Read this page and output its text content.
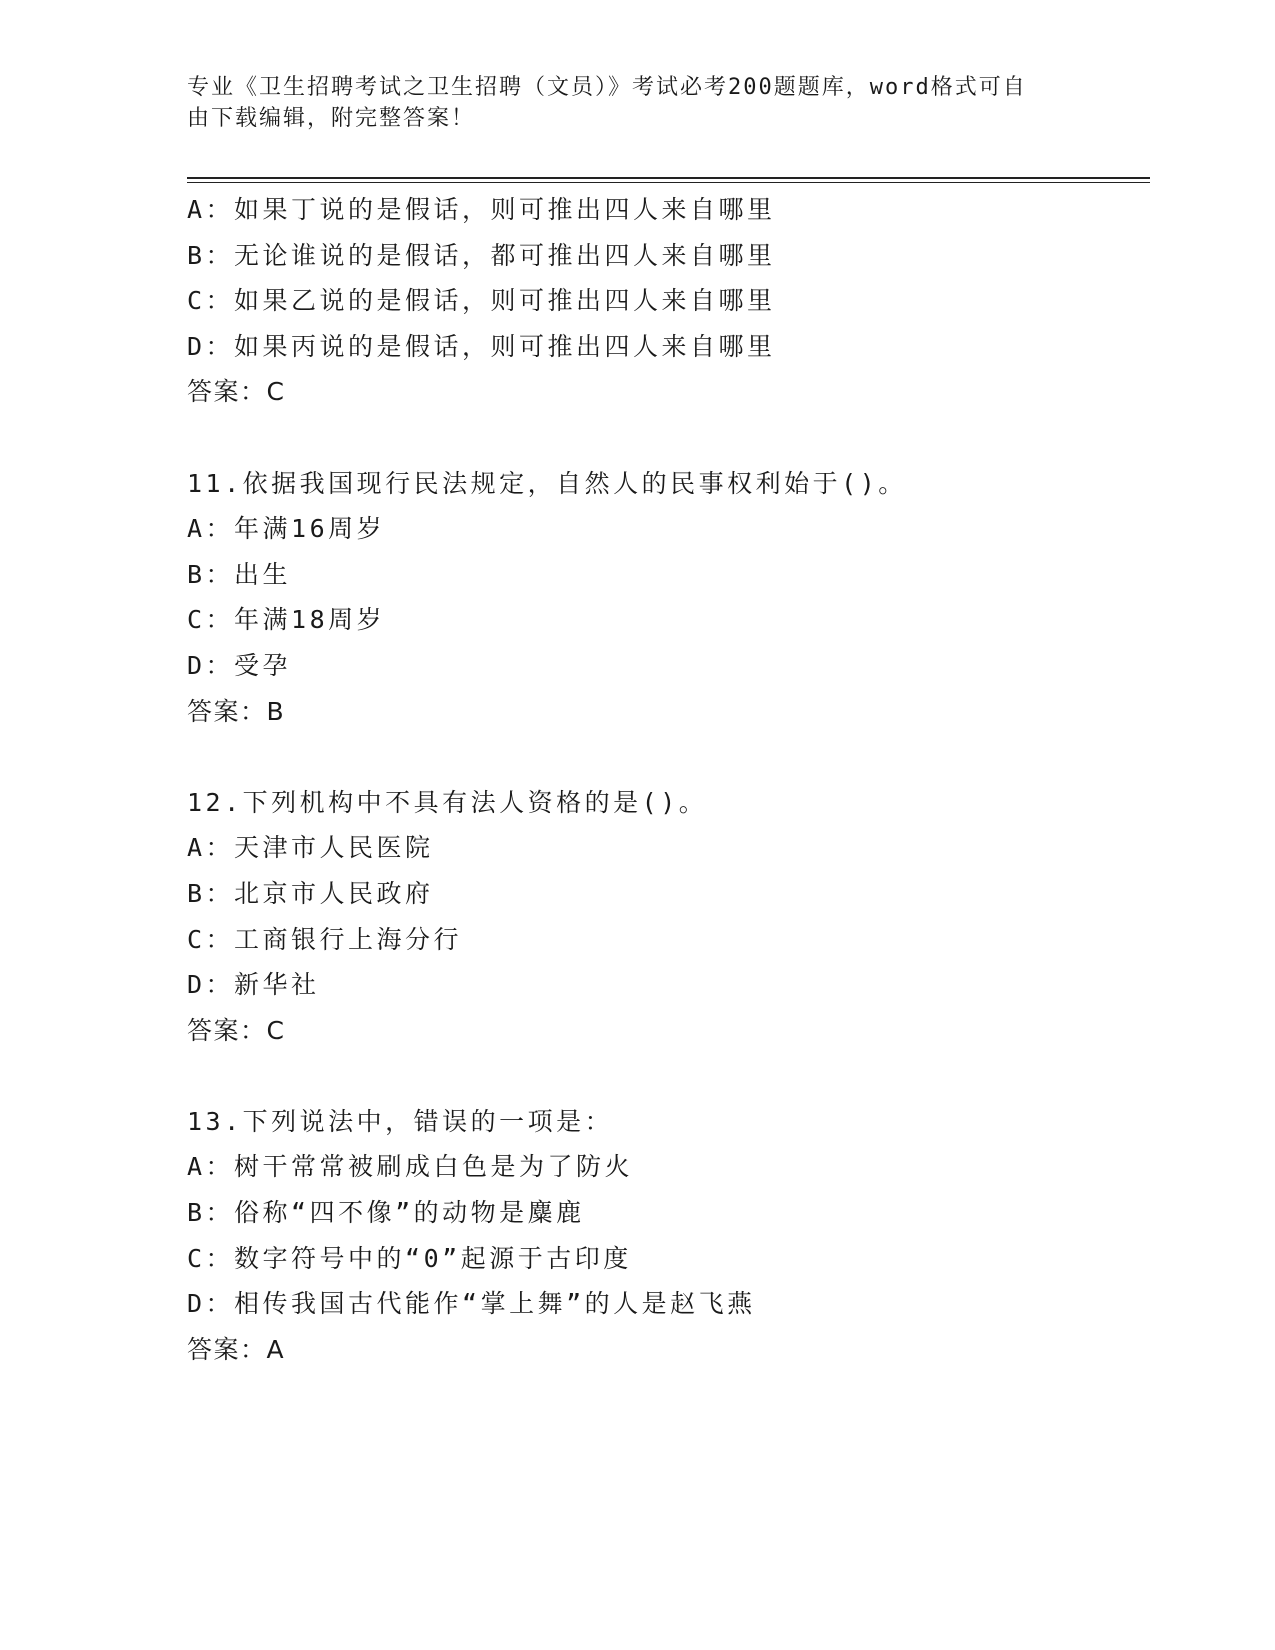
专业《卫生招聘考试之卫生招聘（文员）》考试必考200题题库，word格式可自
由下载编辑，附完整答案！
A：如果丁说的是假话，则可推出四人来自哪里
B：无论谁说的是假话，都可推出四人来自哪里
C：如果乙说的是假话，则可推出四人来自哪里
D：如果丙说的是假话，则可推出四人来自哪里
答案：C
11.依据我国现行民法规定，自然人的民事权利始于()。
A：年满16周岁
B：出生
C：年满18周岁
D：受孕
答案：B
12.下列机构中不具有法人资格的是()。
A：天津市人民医院
B：北京市人民政府
C：工商银行上海分行
D：新华社
答案：C
13.下列说法中，错误的一项是：
A：树干常常被刷成白色是为了防火
B：俗称“四不像”的动物是麋鹿
C：数字符号中的“0”起源于古印度
D：相传我国古代能作“掌上舞”的人是赵飞燕
答案：A
